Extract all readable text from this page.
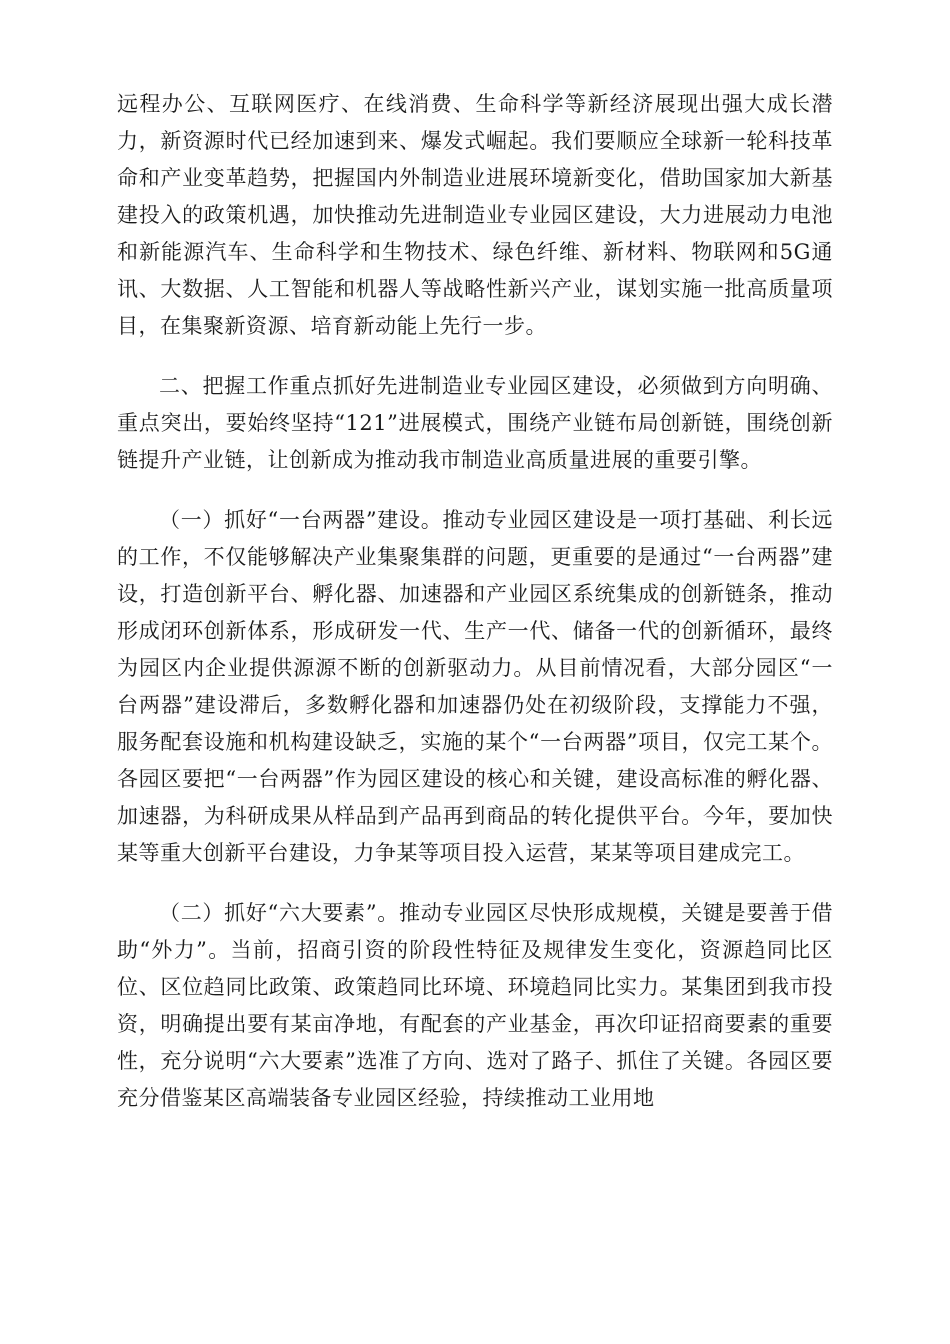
远程办公、互联网医疗、在线消费、生命科学等新经济展现出强大成长潜力，新资源时代已经加速到来、爆发式崛起。我们要顺应全球新一轮科技革命和产业变革趋势，把握国内外制造业进展环境新变化，借助国家加大新基建投入的政策机遇，加快推动先进制造业专业园区建设，大力进展动力电池和新能源汽车、生命科学和生物技术、绿色纤维、新材料、物联网和5G通讯、大数据、人工智能和机器人等战略性新兴产业，谋划实施一批高质量项目，在集聚新资源、培育新动能上先行一步。

二、把握工作重点抓好先进制造业专业园区建设，必须做到方向明确、重点突出，要始终坚持“121”进展模式，围绕产业链布局创新链，围绕创新链提升产业链，让创新成为推动我市制造业高质量进展的重要引擎。

（一）抓好“一台两器”建设。推动专业园区建设是一项打基础、利长远的工作，不仅能够解决产业集聚集群的问题，更重要的是通过“一台两器”建设，打造创新平台、孵化器、加速器和产业园区系统集成的创新链条，推动形成闭环创新体系，形成研发一代、生产一代、储备一代的创新循环，最终为园区内企业提供源源不断的创新驱动力。从目前情况看，大部分园区“一台两器”建设滞后，多数孵化器和加速器仍处在初级阶段，支撑能力不强，服务配套设施和机构建设缺乏，实施的某个“一台两器”项目，仅完工某个。各园区要把“一台两器”作为园区建设的核心和关键，建设高标准的孵化器、加速器，为科研成果从样品到产品再到商品的转化提供平台。今年，要加快某等重大创新平台建设，力争某等项目投入运营，某某等项目建成完工。

（二）抓好“六大要素”。推动专业园区尽快形成规模，关键是要善于借助“外力”。当前，招商引资的阶段性特征及规律发生变化，资源趋同比区位、区位趋同比政策、政策趋同比环境、环境趋同比实力。某集团到我市投资，明确提出要有某亩净地，有配套的产业基金，再次印证招商要素的重要性，充分说明“六大要素”选准了方向、选对了路子、抓住了关键。各园区要充分借鉴某区高端装备专业园区经验，持续推动工业用地
